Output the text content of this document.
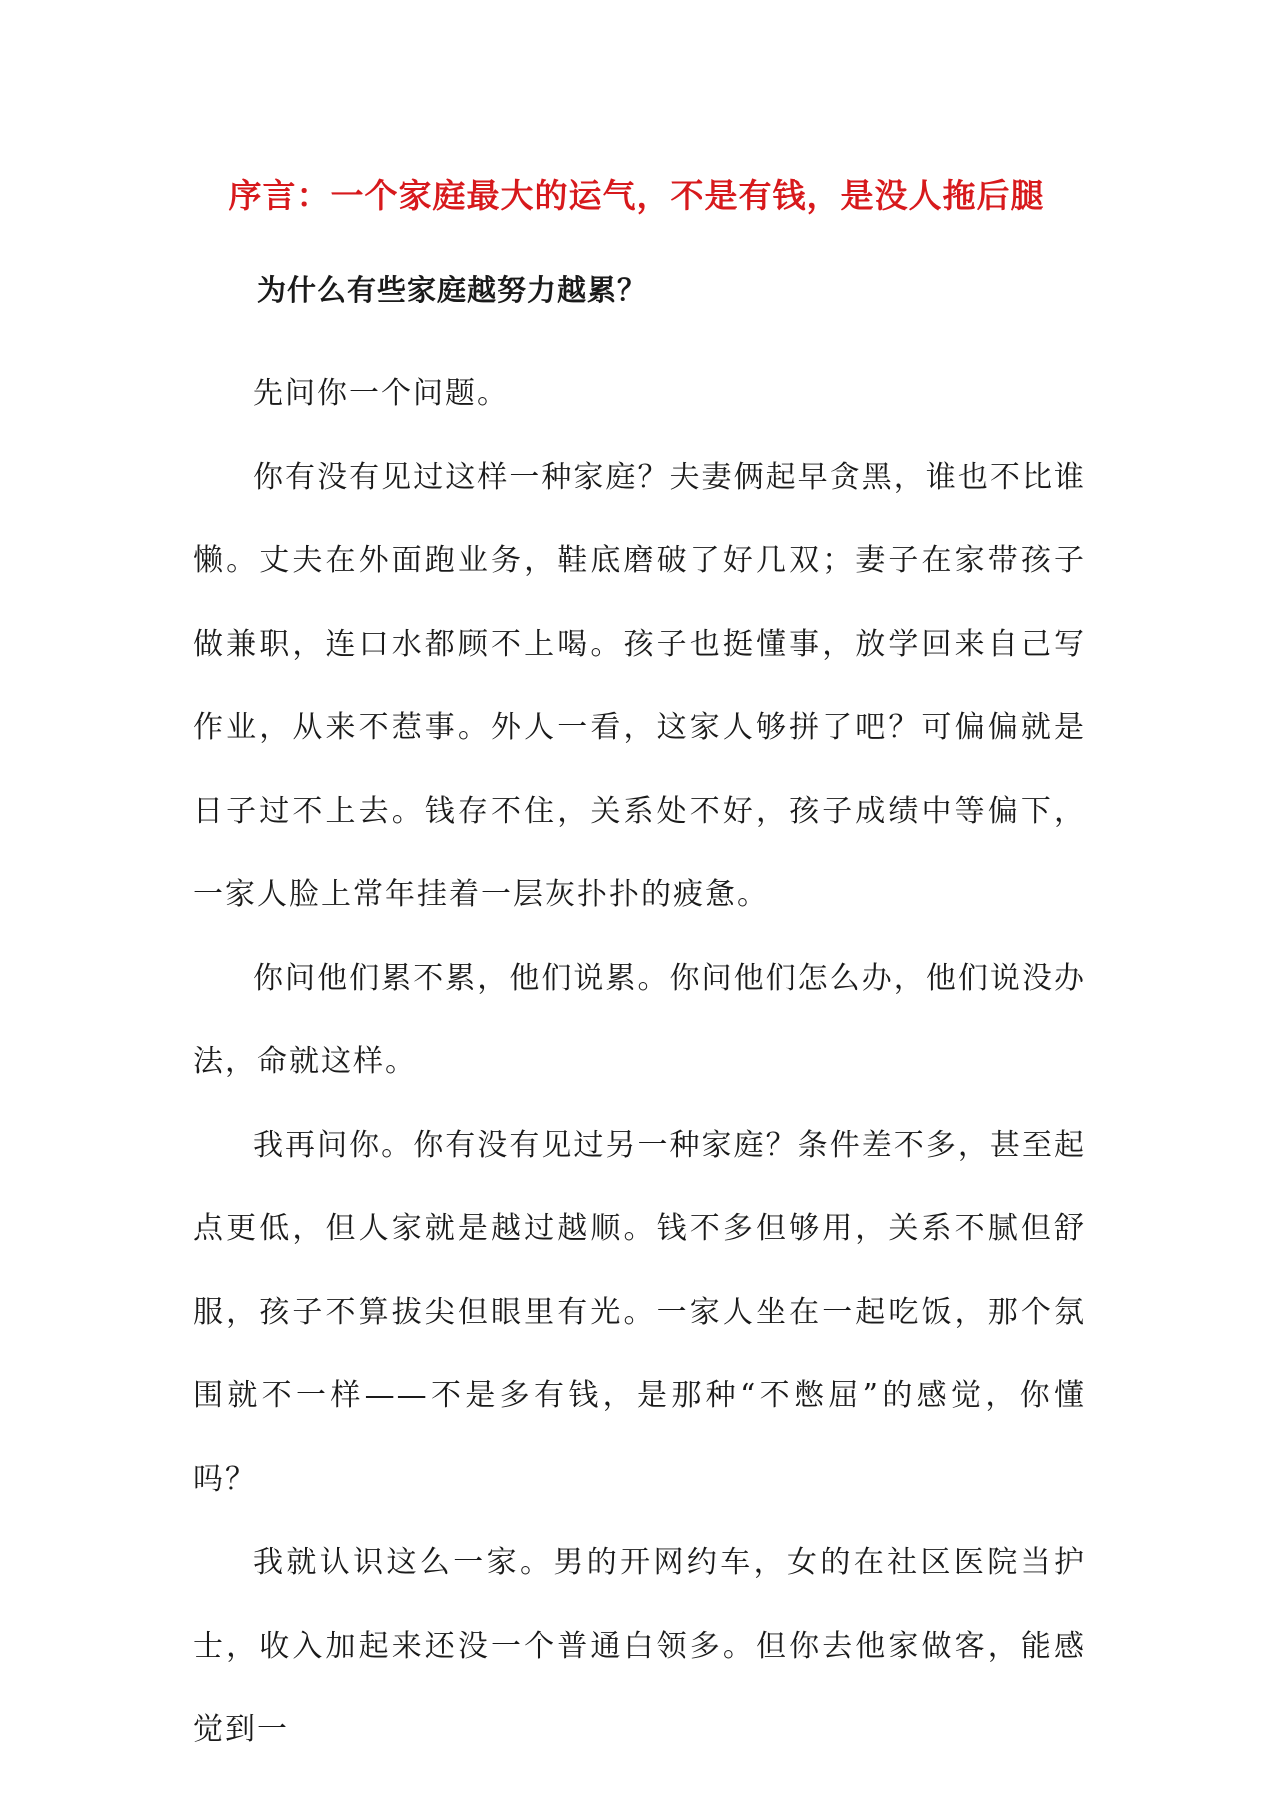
序言：一个家庭最大的运气，不是有钱，是没人拖后腿
为什么有些家庭越努力越累？

先问你一个问题。

你有没有见过这样一种家庭？夫妻俩起早贪黑，谁也不比谁懒。丈夫在外面跑业务，鞋底磨破了好几双；妻子在家带孩子做兼职，连口水都顾不上喝。孩子也挺懂事，放学回来自己写作业，从来不惹事。外人一看，这家人够拼了吧？可偏偏就是日子过不上去。钱存不住，关系处不好，孩子成绩中等偏下，一家人脸上常年挂着一层灰扑扑的疲惫。

你问他们累不累，他们说累。你问他们怎么办，他们说没办法，命就这样。

我再问你。你有没有见过另一种家庭？条件差不多，甚至起点更低，但人家就是越过越顺。钱不多但够用，关系不腻但舒服，孩子不算拔尖但眼里有光。一家人坐在一起吃饭，那个氛围就不一样——不是多有钱，是那种“不憋屈”的感觉，你懂吗？

我就认识这么一家。男的开网约车，女的在社区医院当护士，收入加起来还没一个普通白领多。但你去他家做客，能感觉到一
